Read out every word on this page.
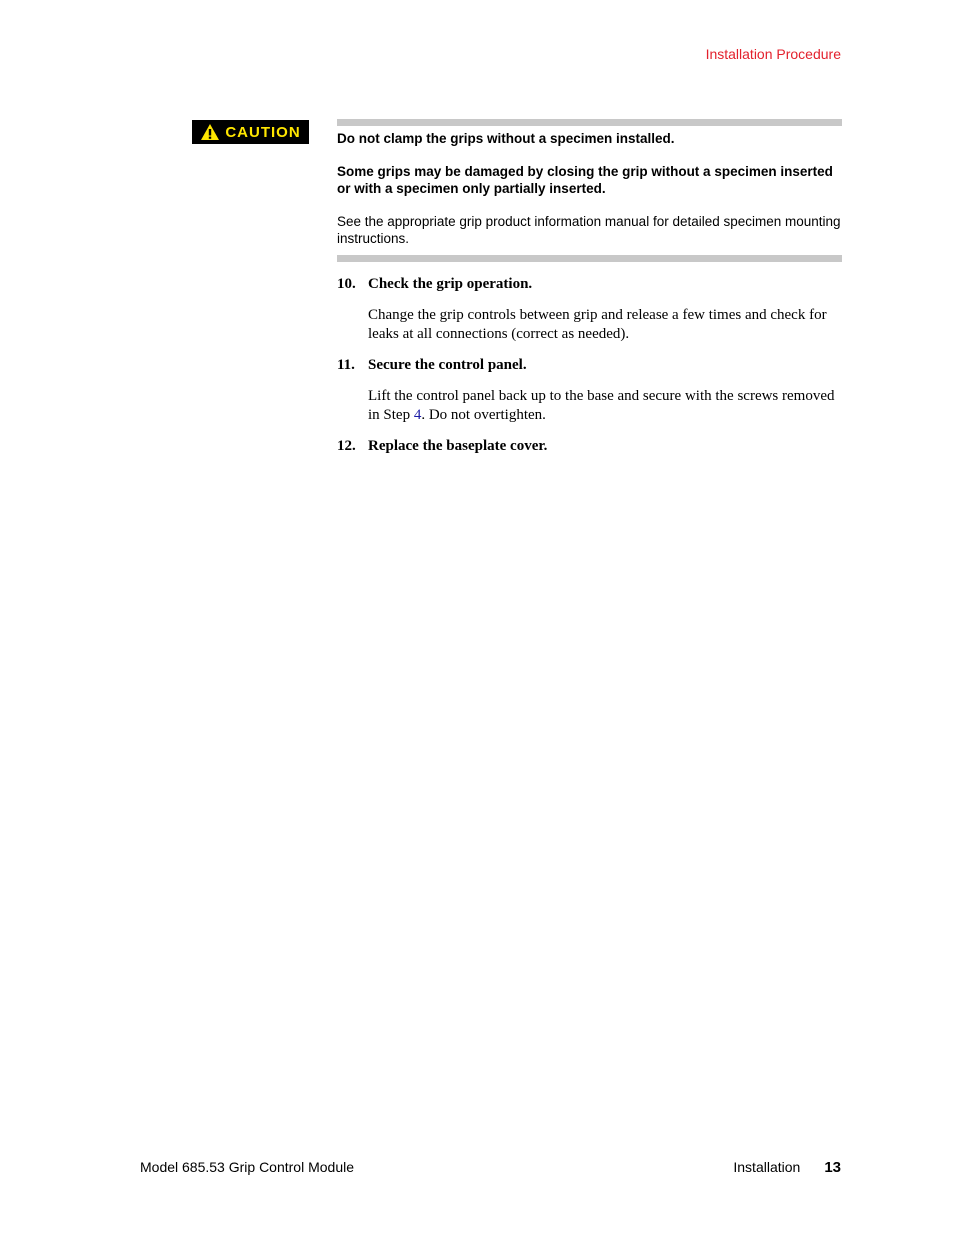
Installation Procedure
CAUTION	Do not clamp the grips without a specimen installed.

Some grips may be damaged by closing the grip without a specimen inserted or with a specimen only partially inserted.

See the appropriate grip product information manual for detailed specimen mounting instructions.

10. Check the grip operation.
Change the grip controls between grip and release a few times and check for leaks at all connections (correct as needed).
11. Secure the control panel.
Lift the control panel back up to the base and secure with the screws removed in Step 4. Do not overtighten.
12. Replace the baseplate cover.
Model 685.53 Grip Control Module	Installation 13
